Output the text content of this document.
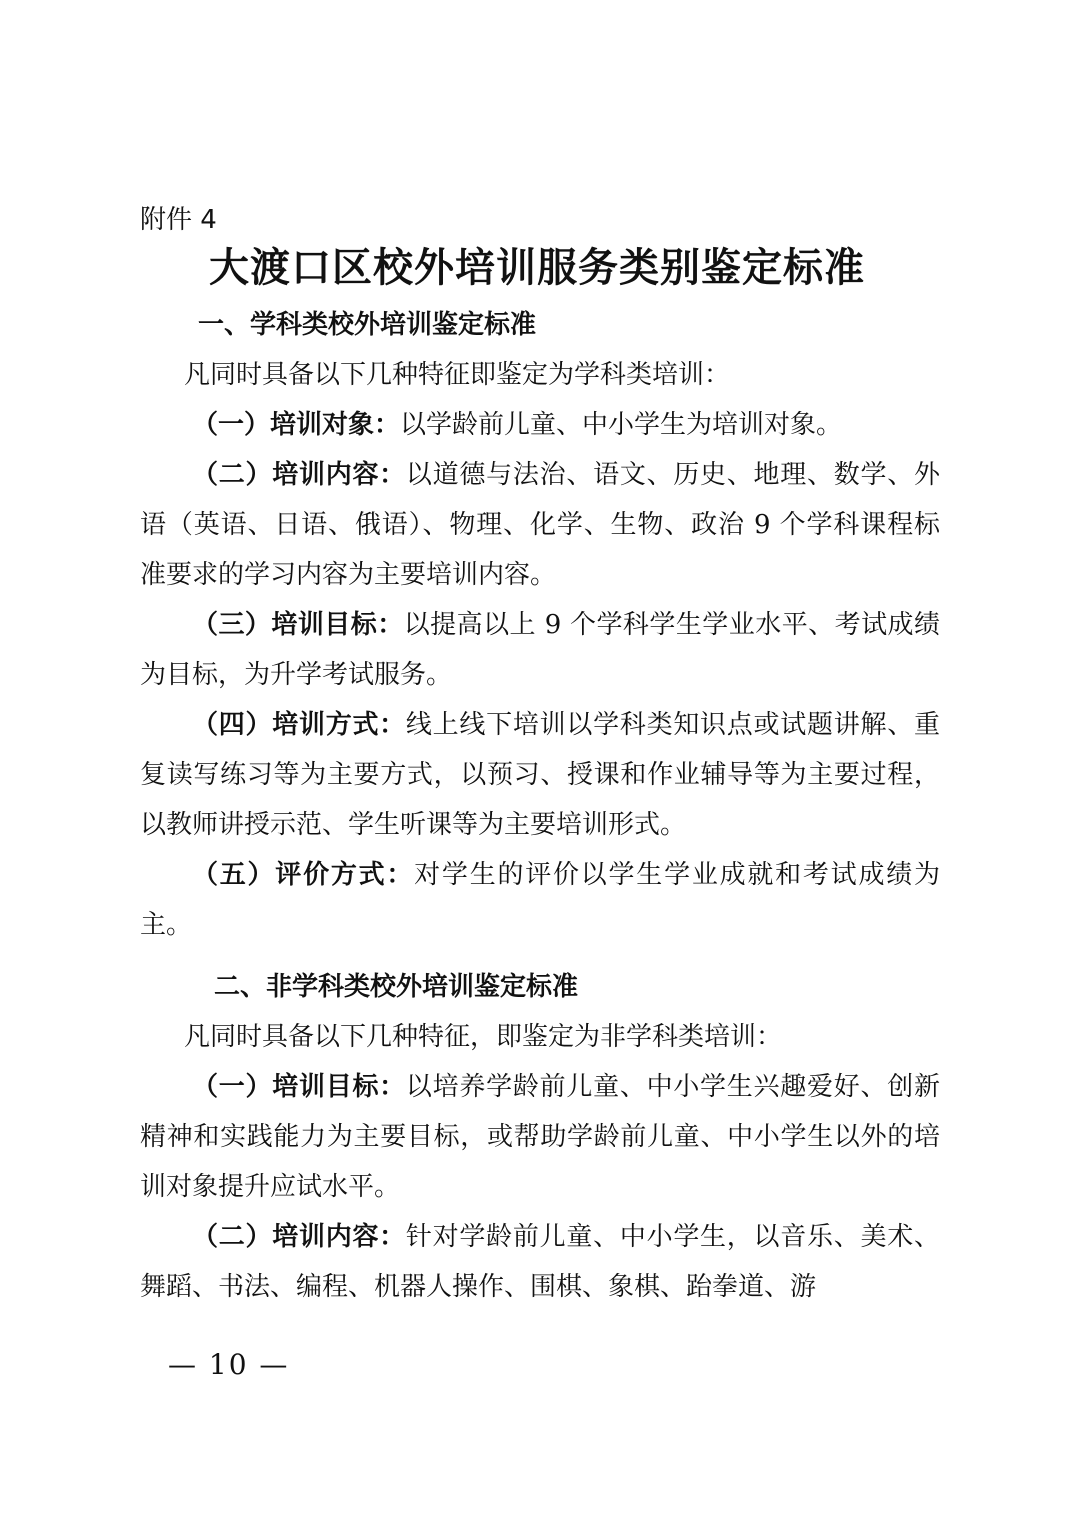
附件 4
大渡口区校外培训服务类别鉴定标准
一、学科类校外培训鉴定标准

凡同时具备以下几种特征即鉴定为学科类培训：

（一）培训对象：以学龄前儿童、中小学生为培训对象。

（二）培训内容：以道德与法治、语文、历史、地理、数学、外语（英语、日语、俄语）、物理、化学、生物、政治 9 个学科课程标准要求的学习内容为主要培训内容。

（三）培训目标：以提高以上 9 个学科学生学业水平、考试成绩为目标，为升学考试服务。

（四）培训方式：线上线下培训以学科类知识点或试题讲解、重复读写练习等为主要方式，以预习、授课和作业辅导等为主要过程，以教师讲授示范、学生听课等为主要培训形式。

（五）评价方式：对学生的评价以学生学业成就和考试成绩为主。

二、非学科类校外培训鉴定标准

凡同时具备以下几种特征，即鉴定为非学科类培训：

（一）培训目标：以培养学龄前儿童、中小学生兴趣爱好、创新精神和实践能力为主要目标，或帮助学龄前儿童、中小学生以外的培训对象提升应试水平。

（二）培训内容：针对学龄前儿童、中小学生，以音乐、美术、舞蹈、书法、编程、机器人操作、围棋、象棋、跆拳道、游

— 10 —
